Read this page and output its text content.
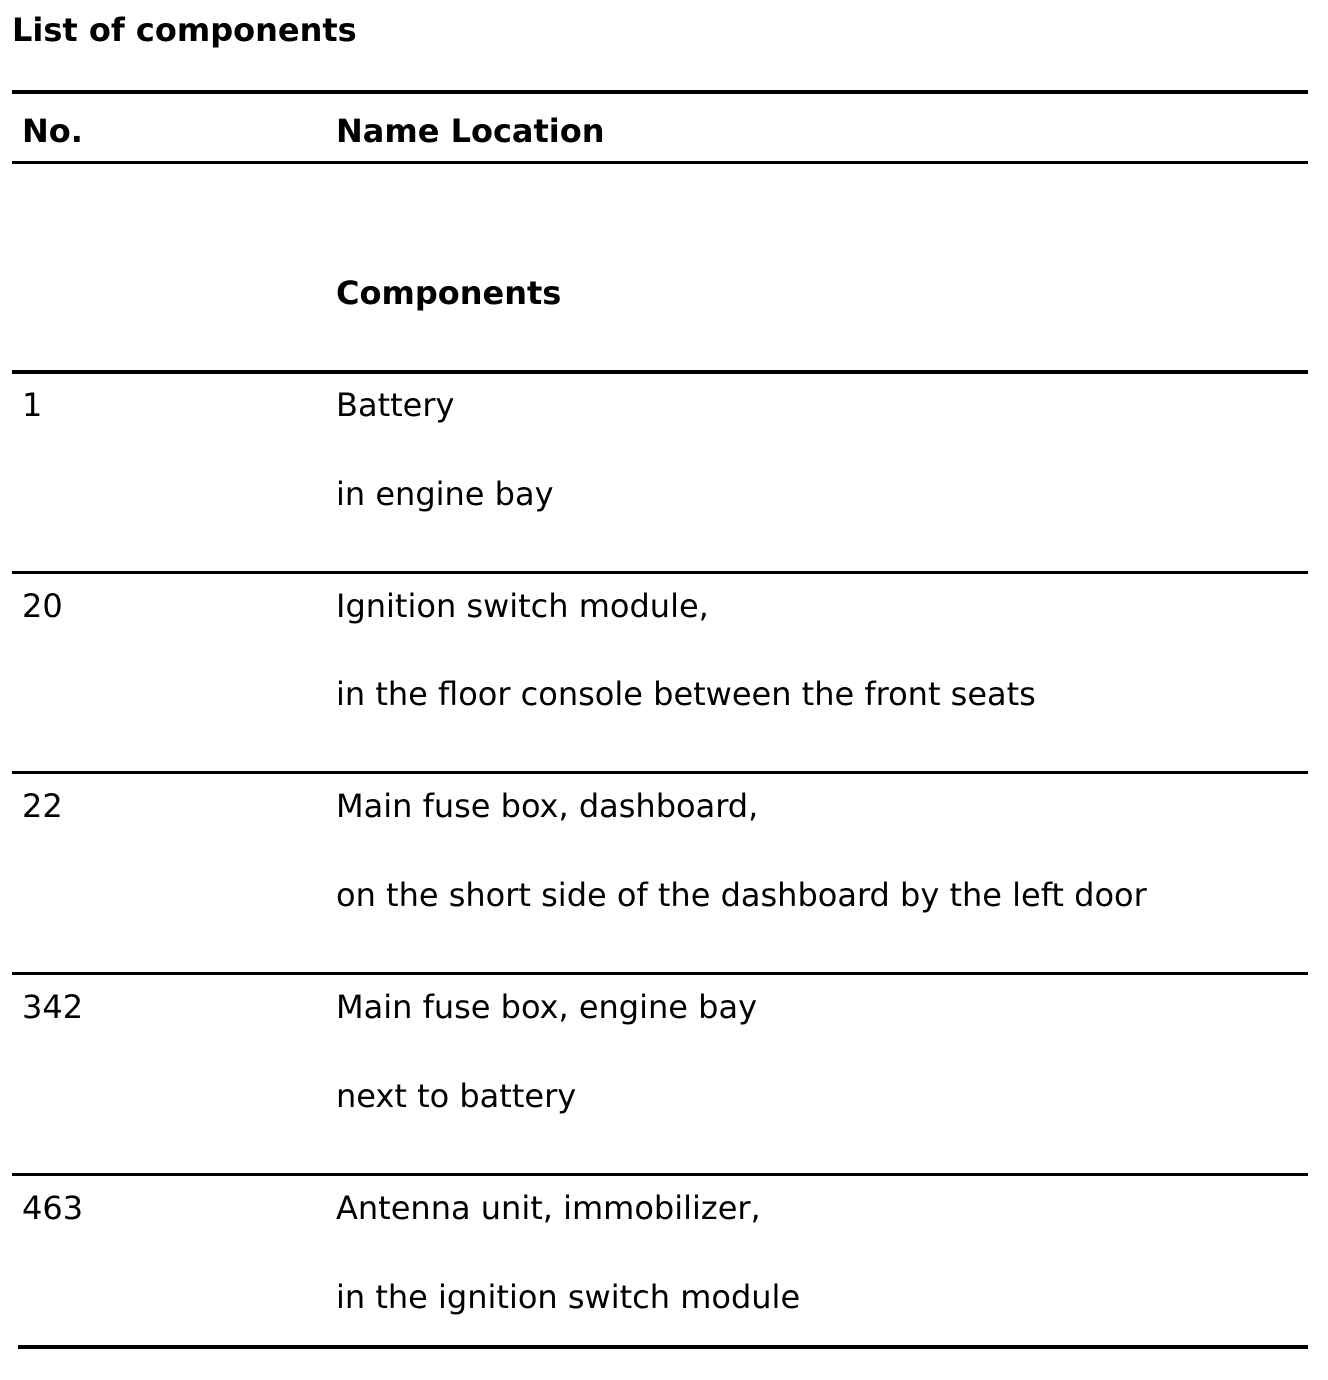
List of components
No.	Name Location
Components
1	Battery
in engine bay
20	Ignition switch module,
in the floor console between the front seats
22	Main fuse box, dashboard,
on the short side of the dashboard by the left door
342	Main fuse box, engine bay
next to battery
463	Antenna unit, immobilizer,
in the ignition switch module
